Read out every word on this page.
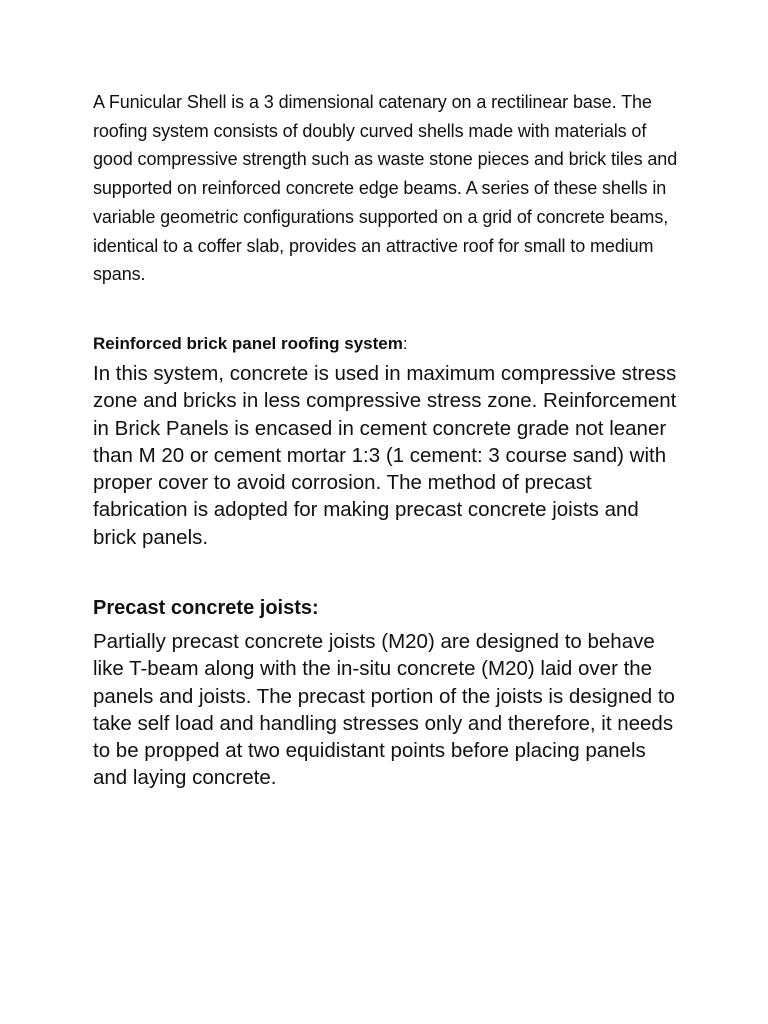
A Funicular Shell is a 3 dimensional catenary on a rectilinear base. The roofing system consists of doubly curved shells made with materials of good compressive strength such as waste stone pieces and brick tiles and supported on reinforced concrete edge beams. A series of these shells in variable geometric configurations supported on a grid of concrete beams, identical to a coffer slab, provides an attractive roof for small to medium spans.

Reinforced brick panel roofing system:

In this system, concrete is used in maximum compressive stress zone and bricks in less compressive stress zone. Reinforcement in Brick Panels is encased in cement concrete grade not leaner than M 20 or cement mortar 1:3 (1 cement: 3 course sand) with proper cover to avoid corrosion. The method of precast fabrication is adopted for making precast concrete joists and brick panels.

Precast concrete joists:

Partially precast concrete joists (M20) are designed to behave like T-beam along with the in-situ concrete (M20) laid over the panels and joists. The precast portion of the joists is designed to take self load and handling stresses only and therefore, it needs to be propped at two equidistant points before placing panels and laying concrete.
